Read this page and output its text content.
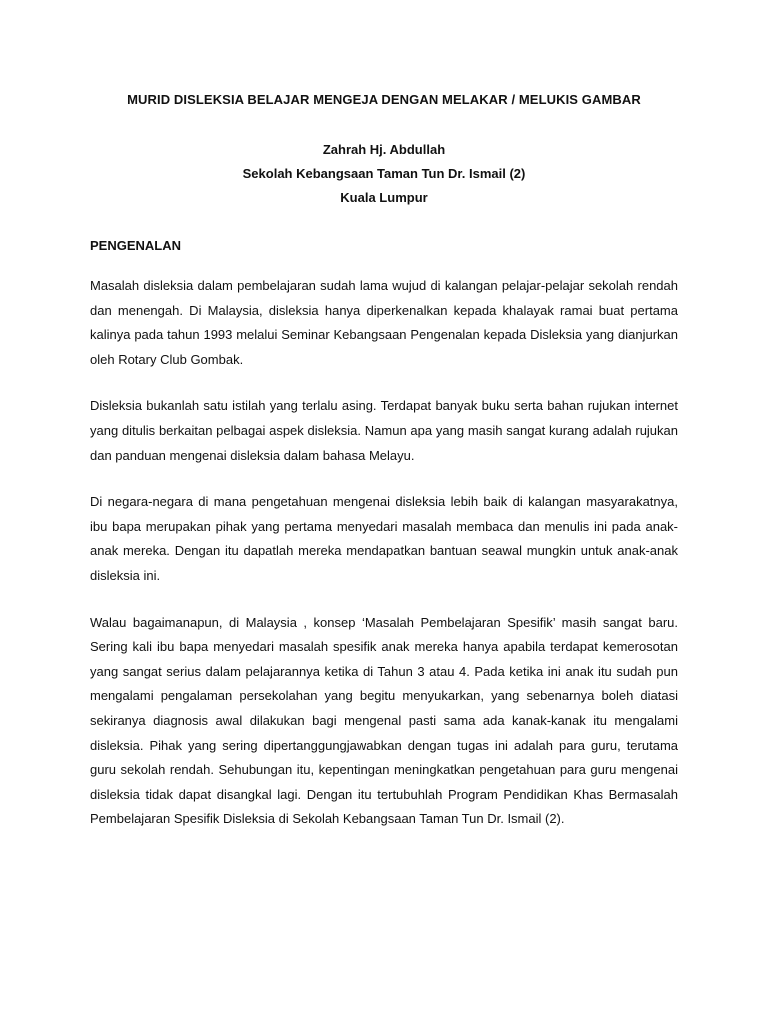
MURID DISLEKSIA BELAJAR MENGEJA DENGAN MELAKAR / MELUKIS GAMBAR
Zahrah Hj. Abdullah
Sekolah Kebangsaan Taman Tun Dr. Ismail (2)
Kuala Lumpur
PENGENALAN

Masalah disleksia dalam pembelajaran sudah lama wujud di kalangan pelajar-pelajar sekolah rendah dan menengah. Di Malaysia, disleksia hanya diperkenalkan kepada khalayak ramai buat pertama kalinya pada tahun 1993 melalui Seminar Kebangsaan Pengenalan kepada Disleksia yang dianjurkan oleh Rotary Club Gombak.

Disleksia bukanlah satu istilah yang terlalu asing. Terdapat banyak buku serta bahan rujukan internet yang ditulis berkaitan pelbagai aspek disleksia. Namun apa yang masih sangat kurang adalah rujukan dan panduan mengenai disleksia dalam bahasa Melayu.

Di negara-negara di mana pengetahuan mengenai disleksia lebih baik di kalangan masyarakatnya, ibu bapa merupakan pihak yang pertama menyedari masalah membaca dan menulis ini pada anak-anak mereka. Dengan itu dapatlah mereka mendapatkan bantuan seawal mungkin untuk anak-anak disleksia ini.

Walau bagaimanapun, di Malaysia , konsep ‘Masalah Pembelajaran Spesifik’ masih sangat baru. Sering kali ibu bapa menyedari masalah spesifik anak mereka hanya apabila terdapat kemerosotan yang sangat serius dalam pelajarannya ketika di Tahun 3 atau 4. Pada ketika ini anak itu sudah pun mengalami pengalaman persekolahan yang begitu menyukarkan, yang sebenarnya boleh diatasi sekiranya diagnosis awal dilakukan bagi mengenal pasti sama ada kanak-kanak itu mengalami disleksia. Pihak yang sering dipertanggungjawabkan dengan tugas ini adalah para guru, terutama guru sekolah rendah. Sehubungan itu, kepentingan meningkatkan pengetahuan para guru mengenai disleksia tidak dapat disangkal lagi. Dengan itu tertubuhlah Program Pendidikan Khas Bermasalah Pembelajaran Spesifik Disleksia di Sekolah Kebangsaan Taman Tun Dr. Ismail (2).
